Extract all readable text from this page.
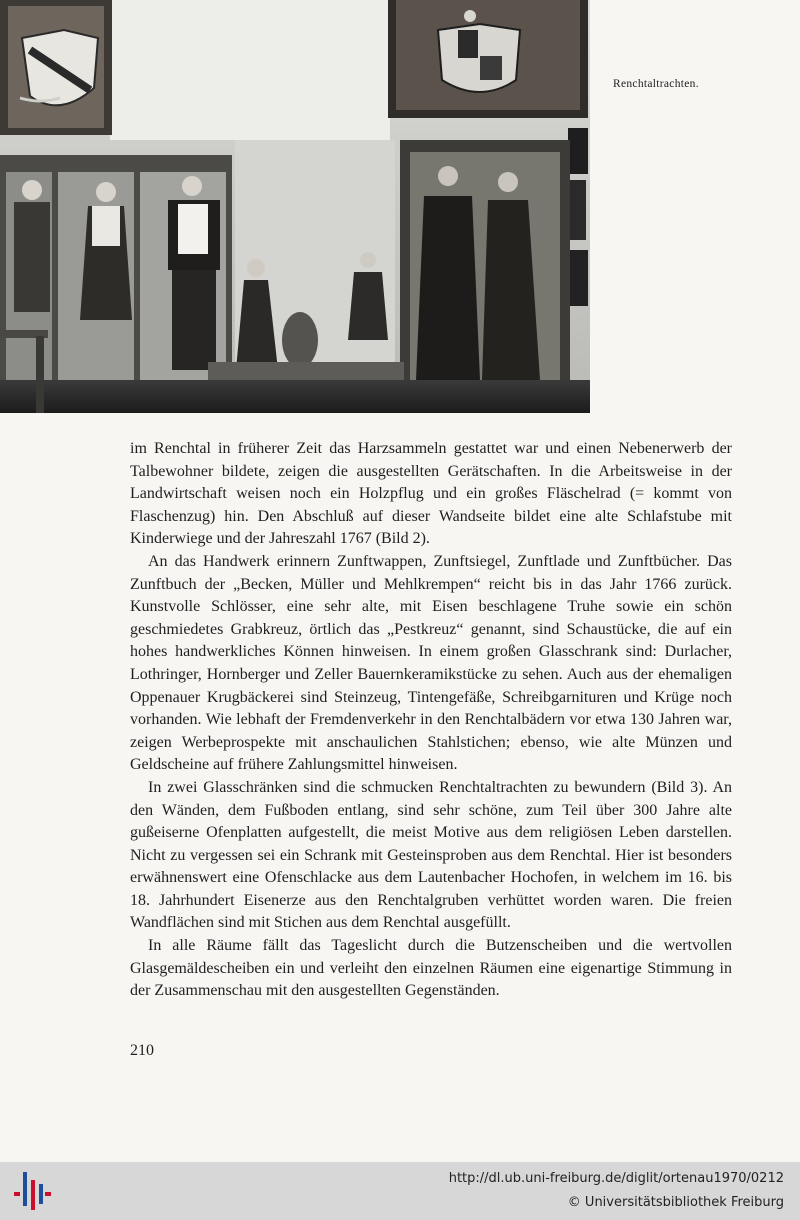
Renchtaltrachten.

im Renchtal in früherer Zeit das Harzsammeln gestattet war und einen Nebenerwerb der Talbewohner bildete, zeigen die ausgestellten Gerätschaften. In die Arbeitsweise in der Landwirtschaft weisen noch ein Holzpflug und ein großes Fläschelrad (= kommt von Flaschenzug) hin. Den Abschluß auf dieser Wandseite bildet eine alte Schlafstube mit Kinderwiege und der Jahreszahl 1767 (Bild 2).

An das Handwerk erinnern Zunftwappen, Zunftsiegel, Zunftlade und Zunftbücher. Das Zunftbuch der „Becken, Müller und Mehlkrempen“ reicht bis in das Jahr 1766 zurück. Kunstvolle Schlösser, eine sehr alte, mit Eisen beschlagene Truhe sowie ein schön geschmiedetes Grabkreuz, örtlich das „Pestkreuz“ genannt, sind Schaustücke, die auf ein hohes handwerkliches Können hinweisen. In einem großen Glasschrank sind: Durlacher, Lothringer, Hornberger und Zeller Bauernkeramikstücke zu sehen. Auch aus der ehemaligen Oppenauer Krugbäckerei sind Steinzeug, Tintengefäße, Schreibgarnituren und Krüge noch vorhanden. Wie lebhaft der Fremdenverkehr in den Renchtalbädern vor etwa 130 Jahren war, zeigen Werbeprospekte mit anschaulichen Stahlstichen; ebenso, wie alte Münzen und Geldscheine auf frühere Zahlungsmittel hinweisen.

In zwei Glasschränken sind die schmucken Renchtaltrachten zu bewundern (Bild 3). An den Wänden, dem Fußboden entlang, sind sehr schöne, zum Teil über 300 Jahre alte gußeiserne Ofenplatten aufgestellt, die meist Motive aus dem religiösen Leben darstellen. Nicht zu vergessen sei ein Schrank mit Gesteinsproben aus dem Renchtal. Hier ist besonders erwähnenswert eine Ofenschlacke aus dem Lautenbacher Hochofen, in welchem im 16. bis 18. Jahrhundert Eisenerze aus den Renchtalgruben verhüttet worden waren. Die freien Wandflächen sind mit Stichen aus dem Renchtal ausgefüllt.

In alle Räume fällt das Tageslicht durch die Butzenscheiben und die wertvollen Glasgemäldescheiben ein und verleiht den einzelnen Räumen eine eigenartige Stimmung in der Zusammenschau mit den ausgestellten Gegenständen.

210
http://dl.ub.uni-freiburg.de/diglit/ortenau1970/0212
© Universitätsbibliothek Freiburg
